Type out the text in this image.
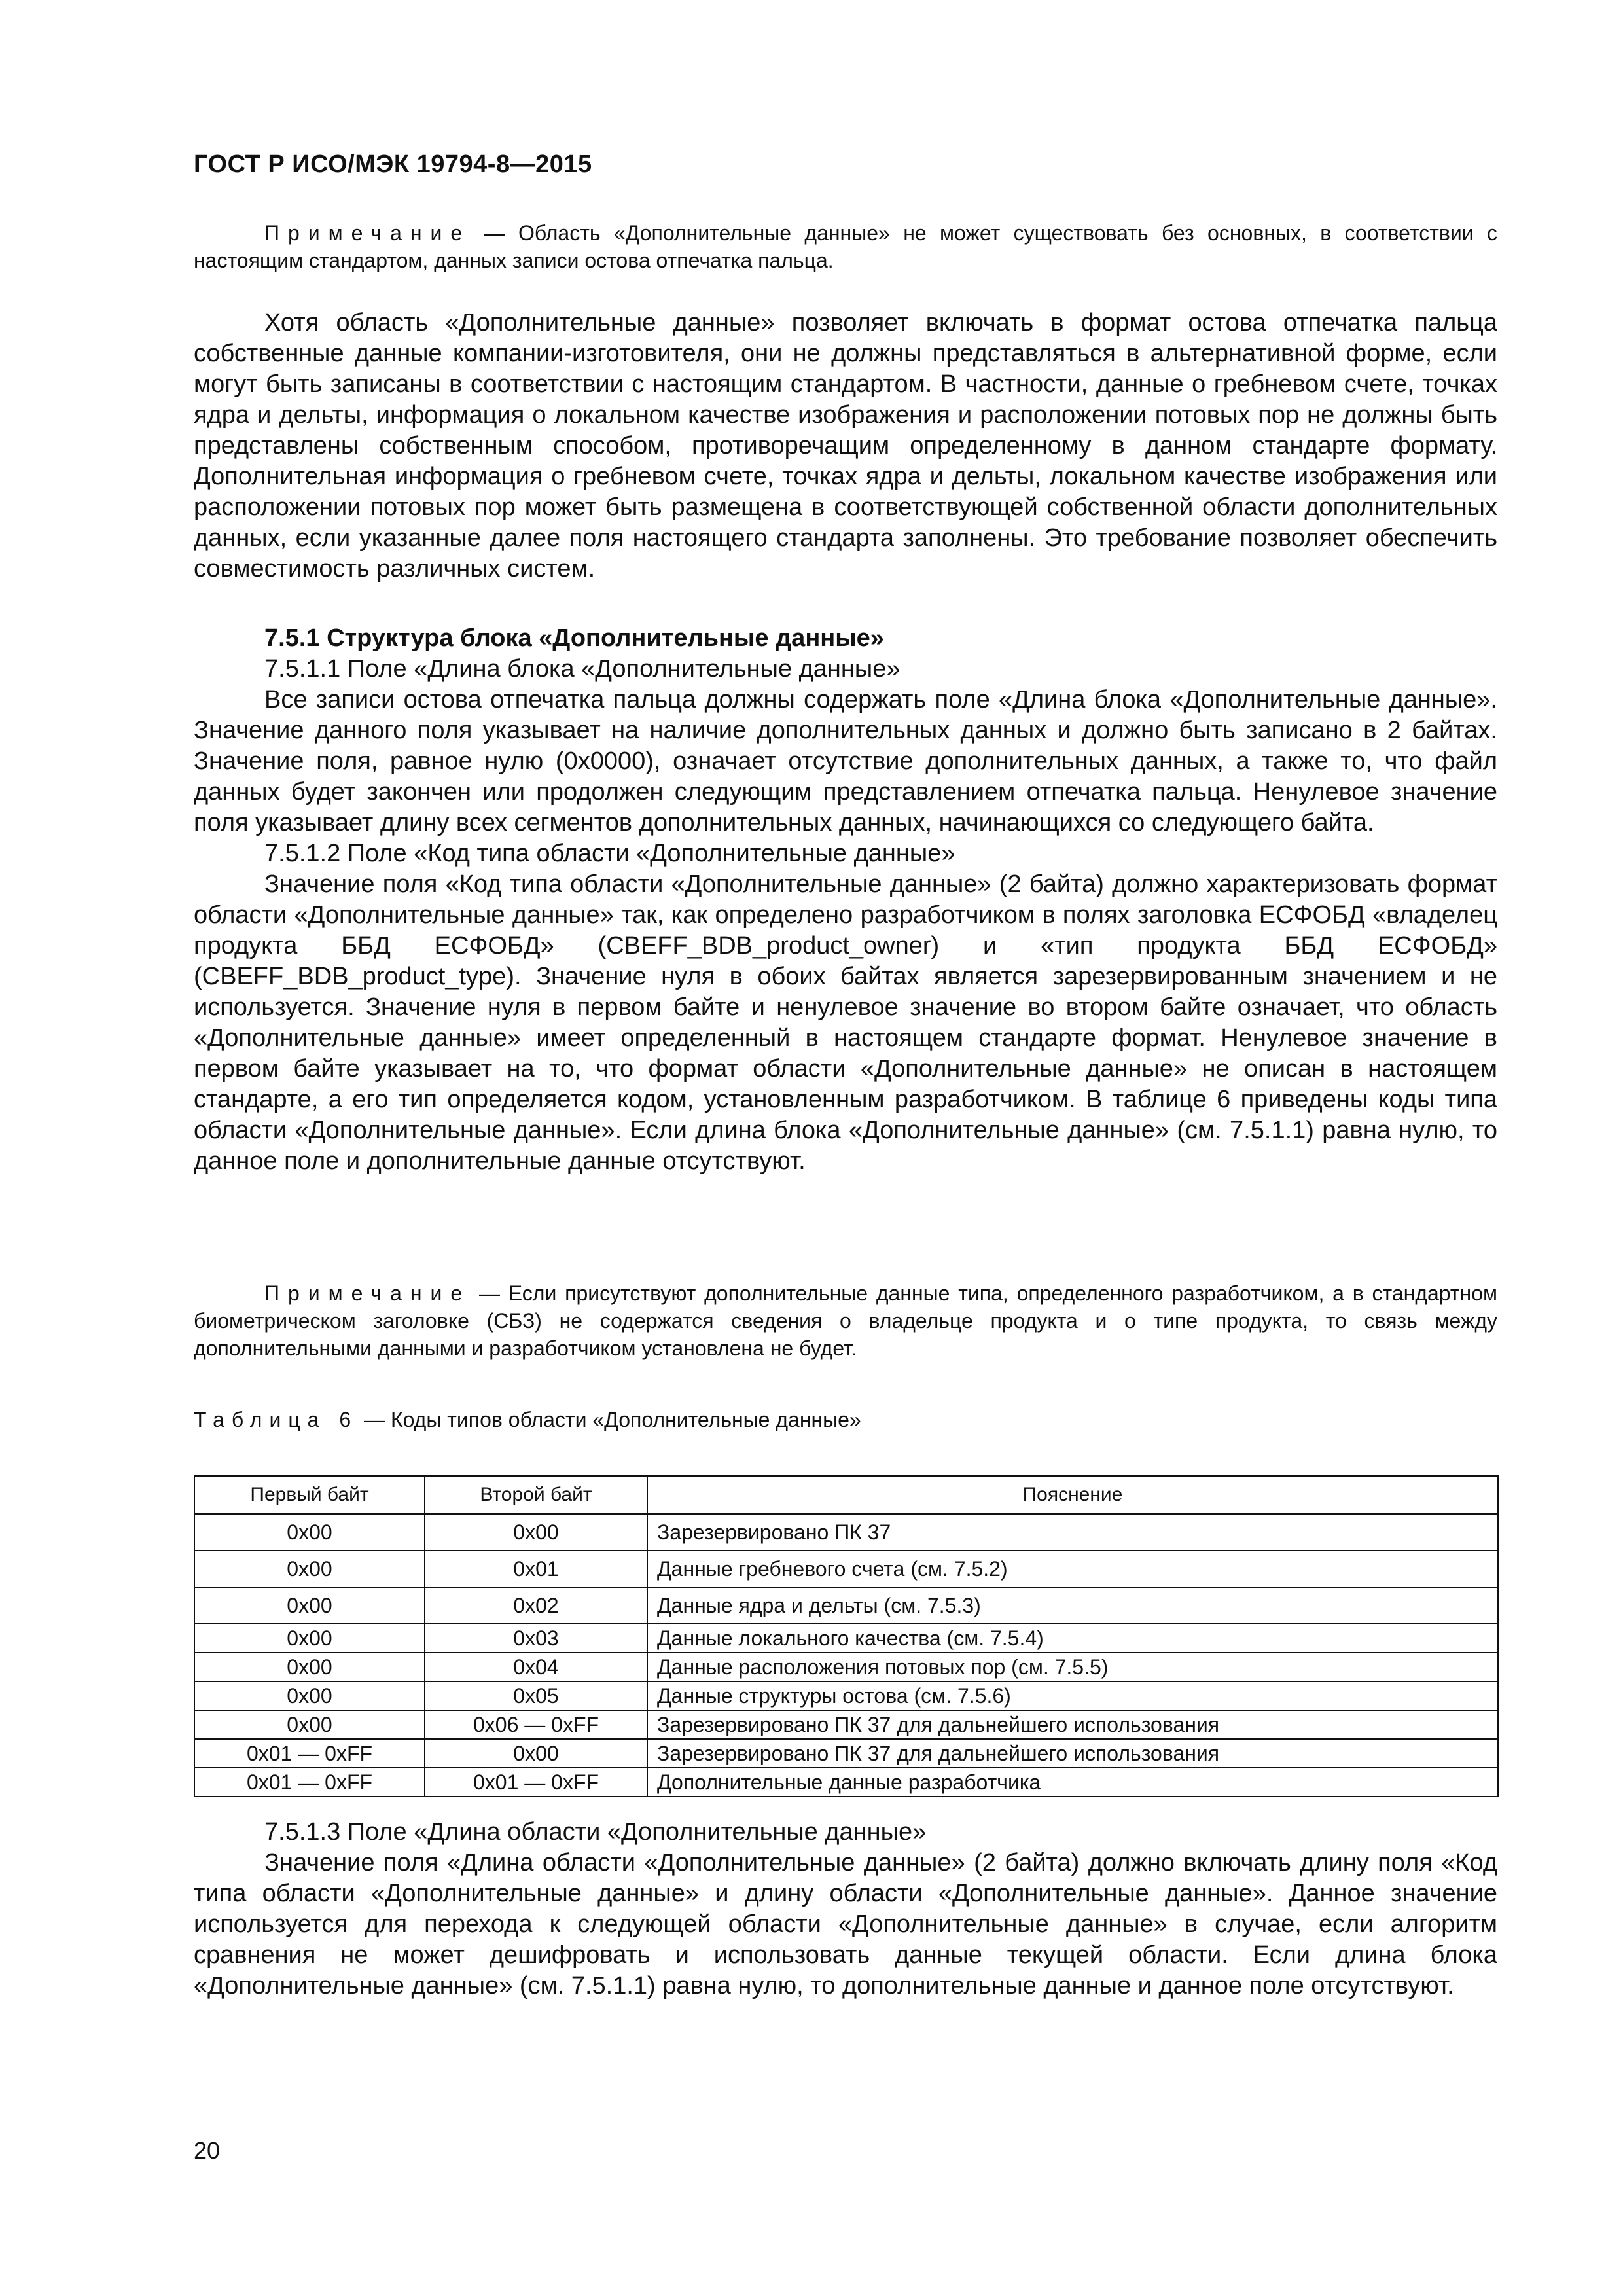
ГОСТ Р ИСО/МЭК 19794-8—2015

Примечание — Область «Дополнительные данные» не может существовать без основных, в соответствии с настоящим стандартом, данных записи остова отпечатка пальца.

Хотя область «Дополнительные данные» позволяет включать в формат остова отпечатка пальца собственные данные компании-изготовителя, они не должны представляться в альтернативной форме, если могут быть записаны в соответствии с настоящим стандартом. В частности, данные о гребневом счете, точках ядра и дельты, информация о локальном качестве изображения и расположении потовых пор не должны быть представлены собственным способом, противоречащим определенному в данном стандарте формату. Дополнительная информация о гребневом счете, точках ядра и дельты, локальном качестве изображения или расположении потовых пор может быть размещена в соответствующей собственной области дополнительных данных, если указанные далее поля настоящего стандарта заполнены. Это требование позволяет обеспечить совместимость различных систем.

7.5.1 Структура блока «Дополнительные данные»

7.5.1.1 Поле «Длина блока «Дополнительные данные»

Все записи остова отпечатка пальца должны содержать поле «Длина блока «Дополнительные данные». Значение данного поля указывает на наличие дополнительных данных и должно быть записано в 2 байтах. Значение поля, равное нулю (0x0000), означает отсутствие дополнительных данных, а также то, что файл данных будет закончен или продолжен следующим представлением отпечатка пальца. Ненулевое значение поля указывает длину всех сегментов дополнительных данных, начинающихся со следующего байта.

7.5.1.2 Поле «Код типа области «Дополнительные данные»

Значение поля «Код типа области «Дополнительные данные» (2 байта) должно характеризовать формат области «Дополнительные данные» так, как определено разработчиком в полях заголовка ЕСФОБД «владелец продукта ББД ЕСФОБД» (CBEFF_BDB_product_owner) и «тип продукта ББД ЕСФОБД» (CBEFF_BDB_product_type). Значение нуля в обоих байтах является зарезервированным значением и не используется. Значение нуля в первом байте и ненулевое значение во втором байте означает, что область «Дополнительные данные» имеет определенный в настоящем стандарте формат. Ненулевое значение в первом байте указывает на то, что формат области «Дополнительные данные» не описан в настоящем стандарте, а его тип определяется кодом, установленным разработчиком. В таблице 6 приведены коды типа области «Дополнительные данные». Если длина блока «Дополнительные данные» (см. 7.5.1.1) равна нулю, то данное поле и дополнительные данные отсутствуют.

Примечание — Если присутствуют дополнительные данные типа, определенного разработчиком, а в стандартном биометрическом заголовке (СБЗ) не содержатся сведения о владельце продукта и о типе продукта, то связь между дополнительными данными и разработчиком установлена не будет.

Таблица 6 — Коды типов области «Дополнительные данные»

Первый байт	Второй байт	Пояснение
0x00	0x00	Зарезервировано ПК 37
0x00	0x01	Данные гребневого счета (см. 7.5.2)
0x00	0x02	Данные ядра и дельты (см. 7.5.3)
0x00	0x03	Данные локального качества (см. 7.5.4)
0x00	0x04	Данные расположения потовых пор (см. 7.5.5)
0x00	0x05	Данные структуры остова (см. 7.5.6)
0x00	0x06 — 0xFF	Зарезервировано ПК 37 для дальнейшего использования
0x01 — 0xFF	0x00	Зарезервировано ПК 37 для дальнейшего использования
0x01 — 0xFF	0x01 — 0xFF	Дополнительные данные разработчика

7.5.1.3 Поле «Длина области «Дополнительные данные»

Значение поля «Длина области «Дополнительные данные» (2 байта) должно включать длину поля «Код типа области «Дополнительные данные» и длину области «Дополнительные данные». Данное значение используется для перехода к следующей области «Дополнительные данные» в случае, если алгоритм сравнения не может дешифровать и использовать данные текущей области. Если длина блока «Дополнительные данные» (см. 7.5.1.1) равна нулю, то дополнительные данные и данное поле отсутствуют.

20
